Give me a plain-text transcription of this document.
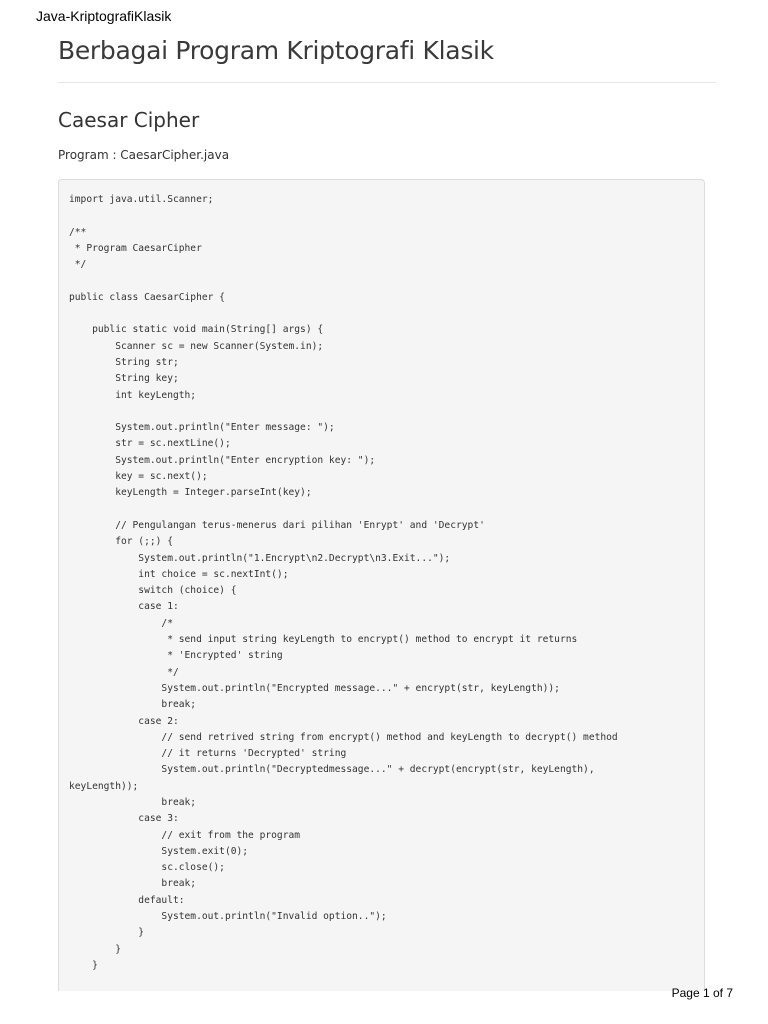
Java-KriptografiKlasik
Berbagai Program Kriptografi Klasik
Caesar Cipher
Program : CaesarCipher.java
import java.util.Scanner;

/**
* Program CaesarCipher
*/

public class CaesarCipher {

public static void main(String[] args) {
Scanner sc = new Scanner(System.in);
String str;
String key;
int keyLength;

System.out.println("Enter message: ");
str = sc.nextLine();
System.out.println("Enter encryption key: ");
key = sc.next();
keyLength = Integer.parseInt(key);

// Pengulangan terus-menerus dari pilihan 'Enrypt' and 'Decrypt'
for (;;) {
System.out.println("1.Encrypt\n2.Decrypt\n3.Exit...");
int choice = sc.nextInt();
switch (choice) {
case 1:
/*
* send input string keyLength to encrypt() method to encrypt it returns
* 'Encrypted' string
*/
System.out.println("Encrypted message..." + encrypt(str, keyLength));
break;
case 2:
// send retrived string from encrypt() method and keyLength to decrypt() method
// it returns 'Decrypted' string
System.out.println("Decryptedmessage..." + decrypt(encrypt(str, keyLength),
keyLength));
break;
case 3:
// exit from the program
System.exit(0);
sc.close();
break;
default:
System.out.println("Invalid option..");
}
}
}
Page 1 of 7
